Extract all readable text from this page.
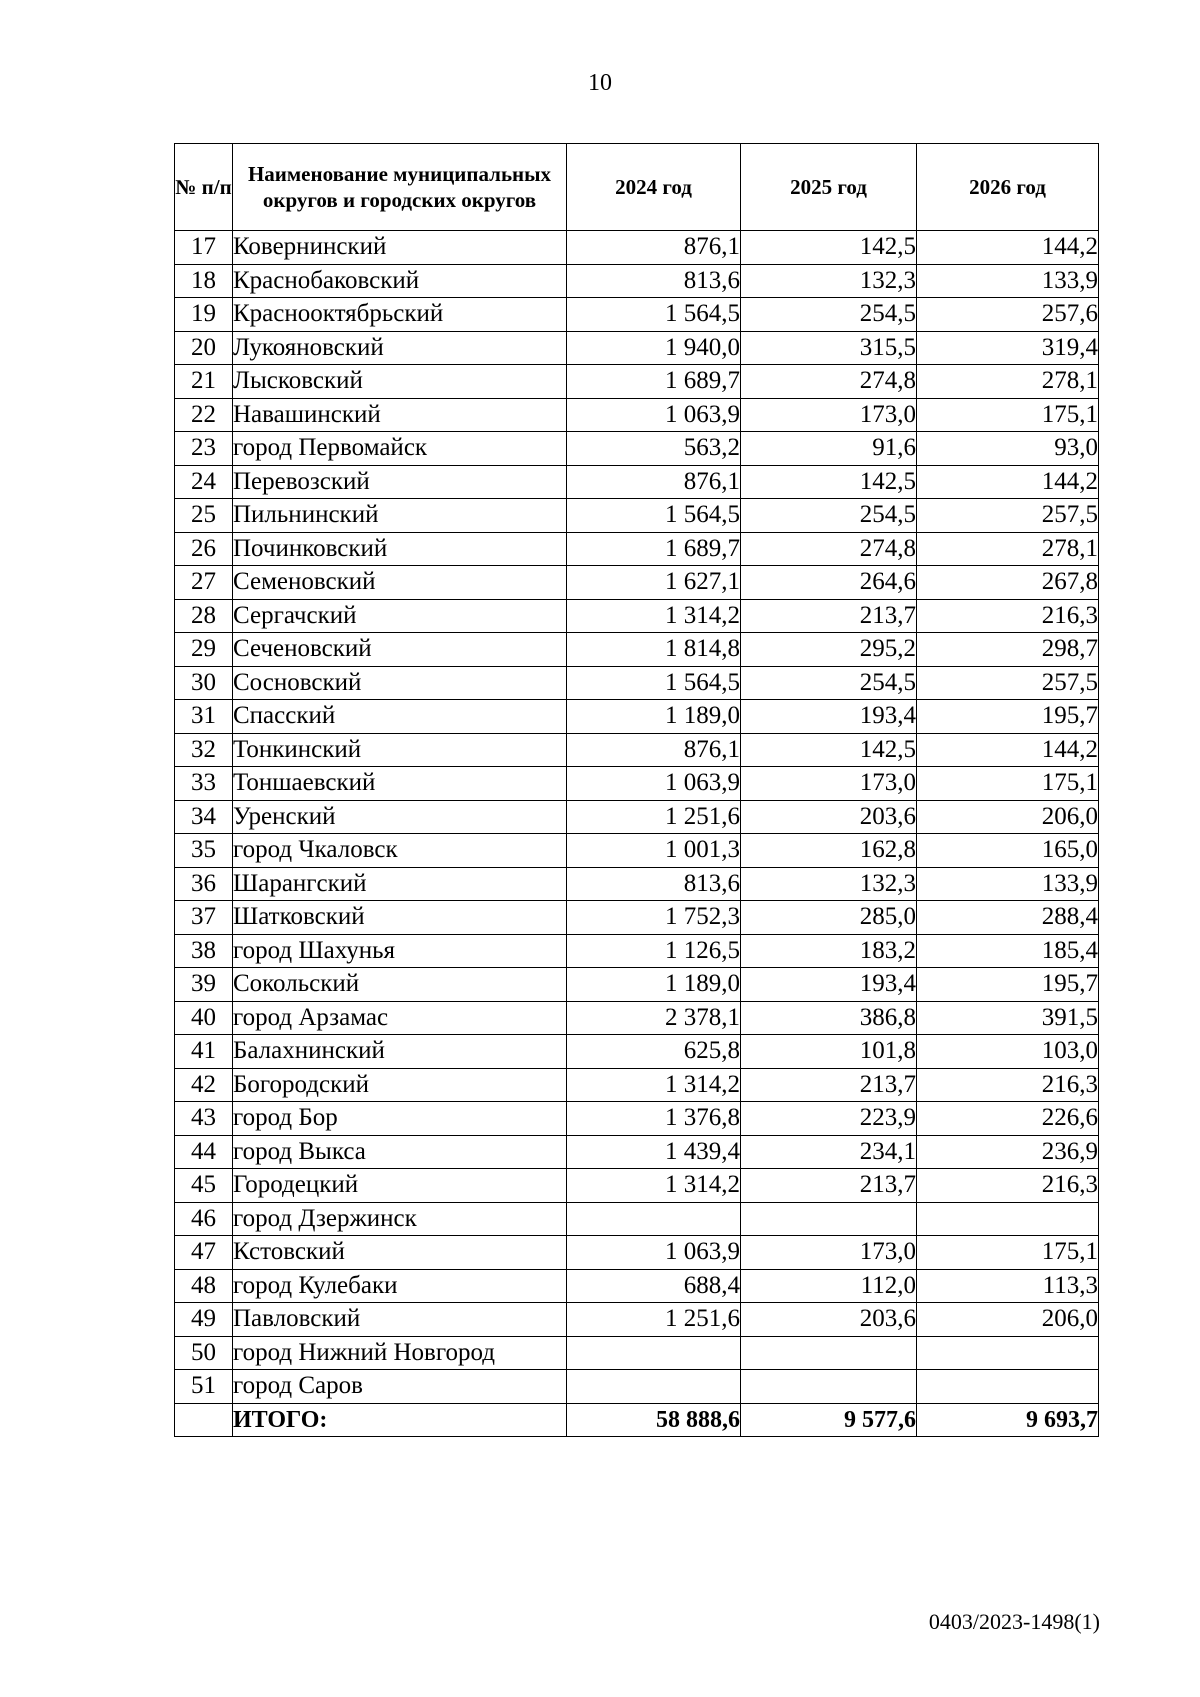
10
№ п/п	Наименование муниципальных округов и городских округов	2024 год	2025 год	2026 год
17	Ковернинский	876,1	142,5	144,2
18	Краснобаковский	813,6	132,3	133,9
19	Краснооктябрьский	1 564,5	254,5	257,6
20	Лукояновский	1 940,0	315,5	319,4
21	Лысковский	1 689,7	274,8	278,1
22	Навашинский	1 063,9	173,0	175,1
23	город Первомайск	563,2	91,6	93,0
24	Перевозский	876,1	142,5	144,2
25	Пильнинский	1 564,5	254,5	257,5
26	Починковский	1 689,7	274,8	278,1
27	Семеновский	1 627,1	264,6	267,8
28	Сергачский	1 314,2	213,7	216,3
29	Сеченовский	1 814,8	295,2	298,7
30	Сосновский	1 564,5	254,5	257,5
31	Спасский	1 189,0	193,4	195,7
32	Тонкинский	876,1	142,5	144,2
33	Тоншаевский	1 063,9	173,0	175,1
34	Уренский	1 251,6	203,6	206,0
35	город Чкаловск	1 001,3	162,8	165,0
36	Шарангский	813,6	132,3	133,9
37	Шатковский	1 752,3	285,0	288,4
38	город Шахунья	1 126,5	183,2	185,4
39	Сокольский	1 189,0	193,4	195,7
40	город Арзамас	2 378,1	386,8	391,5
41	Балахнинский	625,8	101,8	103,0
42	Богородский	1 314,2	213,7	216,3
43	город Бор	1 376,8	223,9	226,6
44	город Выкса	1 439,4	234,1	236,9
45	Городецкий	1 314,2	213,7	216,3
46	город Дзержинск			
47	Кстовский	1 063,9	173,0	175,1
48	город Кулебаки	688,4	112,0	113,3
49	Павловский	1 251,6	203,6	206,0
50	город Нижний Новгород			
51	город Саров			
	ИТОГО:	58 888,6	9 577,6	9 693,7
0403/2023-1498(1)
